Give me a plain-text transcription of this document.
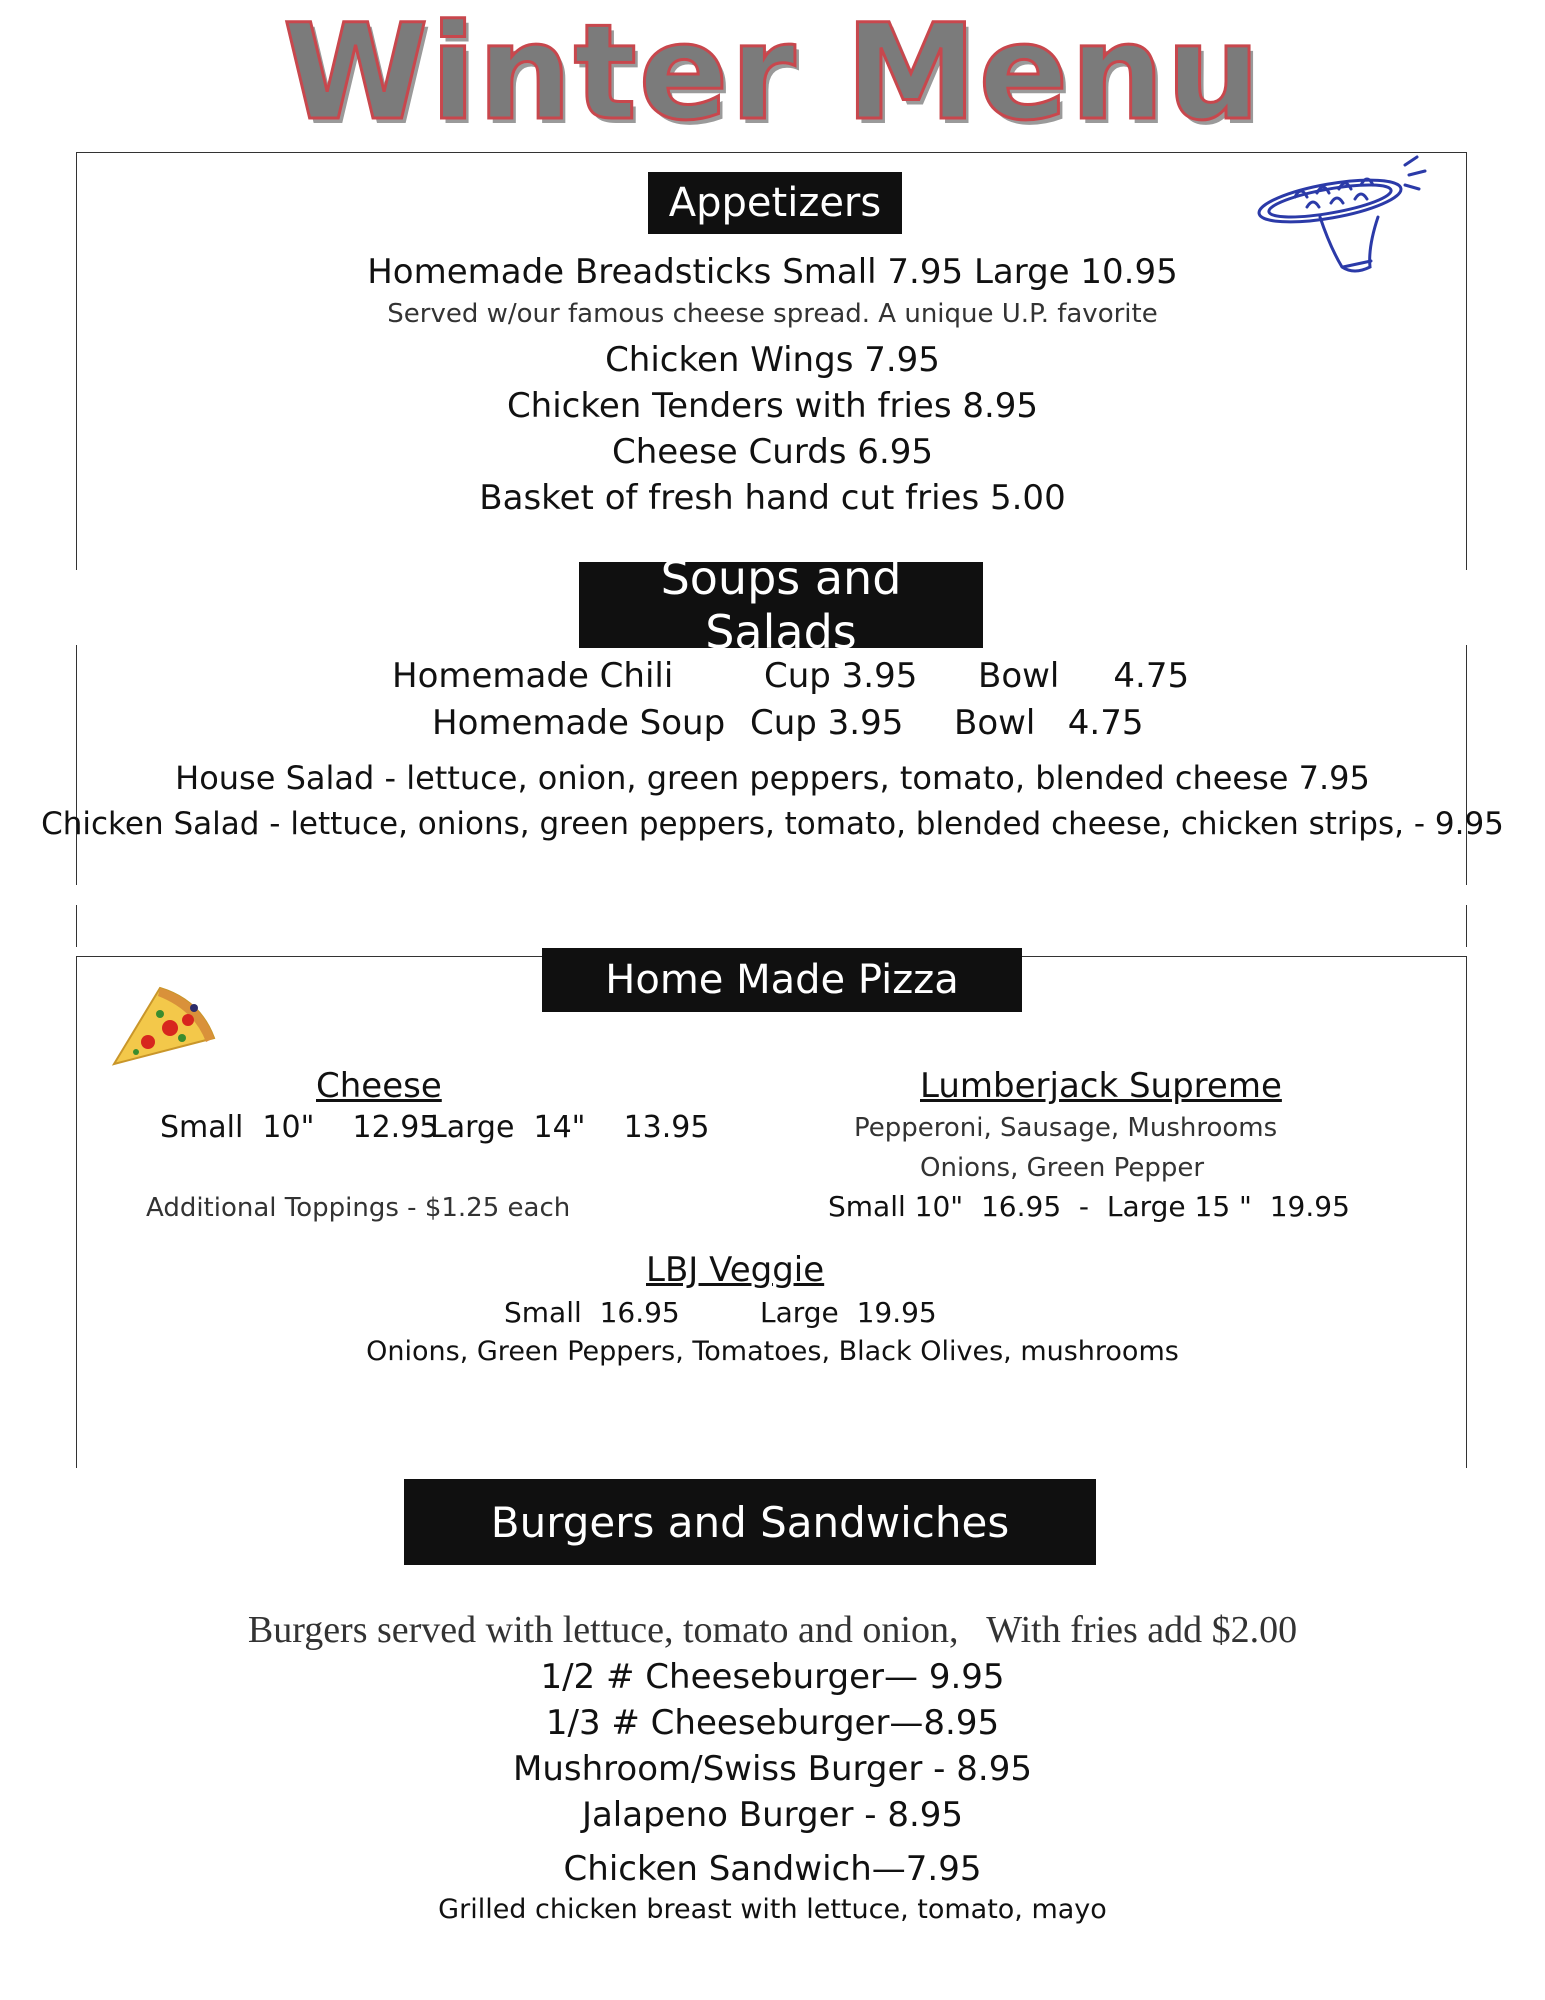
Winter Menu
Appetizers
Homemade Breadsticks Small 7.95 Large 10.95
Served w/our famous cheese spread. A unique U.P. favorite
Chicken Wings 7.95
Chicken Tenders with fries 8.95
Cheese Curds 6.95
Basket of fresh hand cut fries 5.00
Soups and Salads
Homemade Chili	Cup 3.95 Bowl     4.75
Homemade Soup Cup 3.95 Bowl   4.75
House Salad - lettuce, onion, green peppers, tomato, blended cheese 7.95
Chicken Salad - lettuce, onions, green peppers, tomato, blended cheese, chicken strips, - 9.95
Home Made Pizza
Cheese
Small  10"    12.95
Large  14"    13.95
Additional Toppings - $1.25 each
Lumberjack Supreme
Pepperoni, Sausage, Mushrooms
Onions, Green Pepper
Small 10"  16.95  -  Large 15 "  19.95
LBJ Veggie
Small  16.95	Large  19.95
Onions, Green Peppers, Tomatoes, Black Olives, mushrooms
Burgers and Sandwiches
Burgers served with lettuce, tomato and onion,   With fries add $2.00
1/2 # Cheeseburger— 9.95
1/3 # Cheeseburger—8.95
Mushroom/Swiss Burger - 8.95
Jalapeno Burger - 8.95
Chicken Sandwich—7.95
Grilled chicken breast with lettuce, tomato, mayo
